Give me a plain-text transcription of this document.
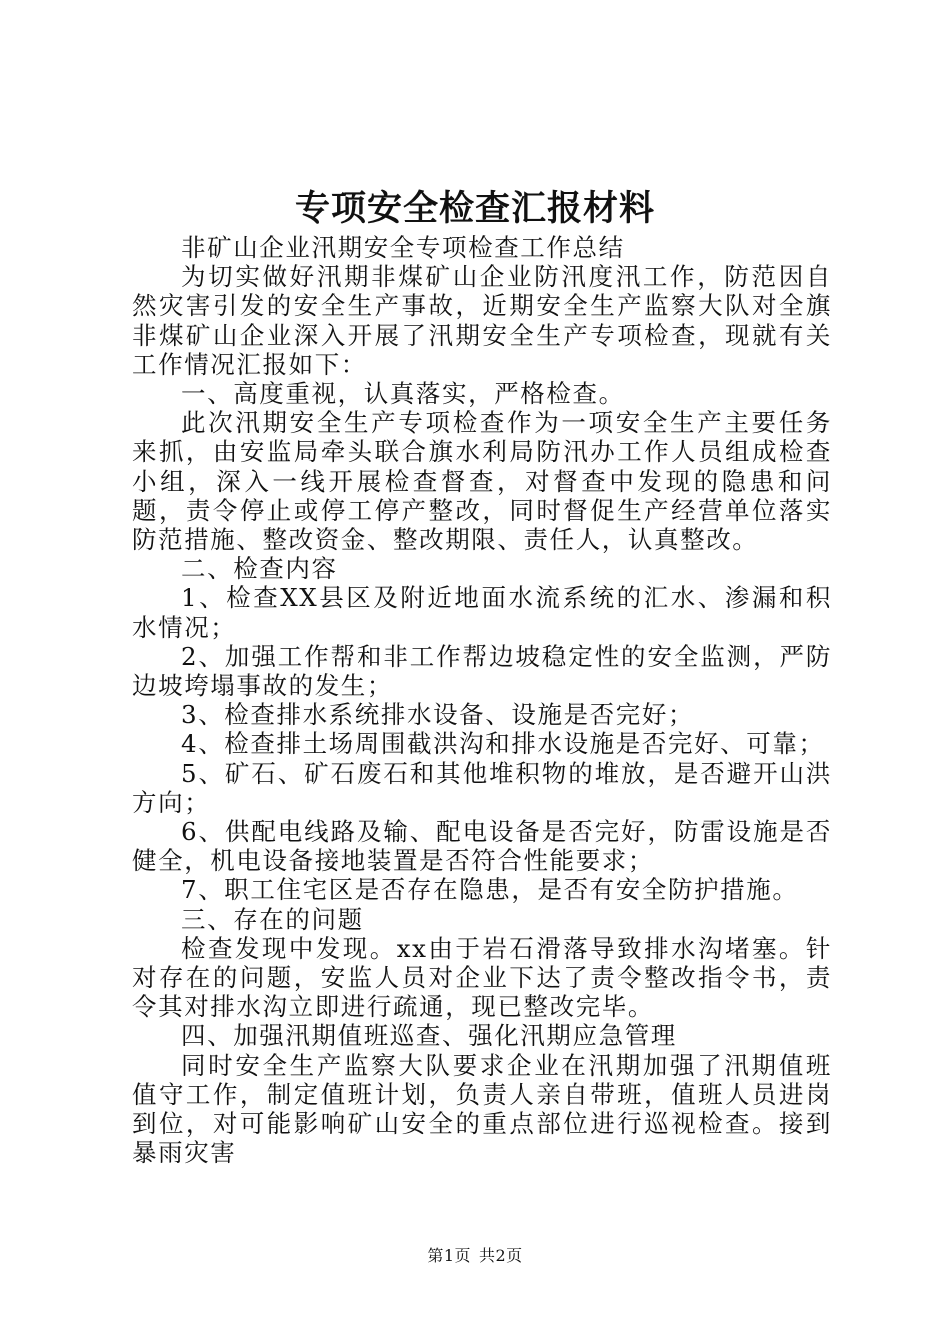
专项安全检查汇报材料

非矿山企业汛期安全专项检查工作总结

为切实做好汛期非煤矿山企业防汛度汛工作，防范因自然灾害引发的安全生产事故，近期安全生产监察大队对全旗非煤矿山企业深入开展了汛期安全生产专项检查，现就有关工作情况汇报如下：

一、高度重视，认真落实，严格检查。

此次汛期安全生产专项检查作为一项安全生产主要任务来抓，由安监局牵头联合旗水利局防汛办工作人员组成检查小组，深入一线开展检查督查，对督查中发现的隐患和问题，责令停止或停工停产整改，同时督促生产经营单位落实防范措施、整改资金、整改期限、责任人，认真整改。

二、检查内容

1、检查XX县区及附近地面水流系统的汇水、渗漏和积水情况；

2、加强工作帮和非工作帮边坡稳定性的安全监测，严防边坡垮塌事故的发生；

3、检查排水系统排水设备、设施是否完好；

4、检查排土场周围截洪沟和排水设施是否完好、可靠；

5、矿石、矿石废石和其他堆积物的堆放，是否避开山洪方向；

6、供配电线路及输、配电设备是否完好，防雷设施是否健全，机电设备接地装置是否符合性能要求；

7、职工住宅区是否存在隐患，是否有安全防护措施。

三、存在的问题

检查发现中发现。xx由于岩石滑落导致排水沟堵塞。针对存在的问题，安监人员对企业下达了责令整改指令书，责令其对排水沟立即进行疏通，现已整改完毕。

四、加强汛期值班巡查、强化汛期应急管理

同时安全生产监察大队要求企业在汛期加强了汛期值班值守工作，制定值班计划，负责人亲自带班，值班人员进岗到位，对可能影响矿山安全的重点部位进行巡视检查。接到暴雨灾害

第1页 共2页
